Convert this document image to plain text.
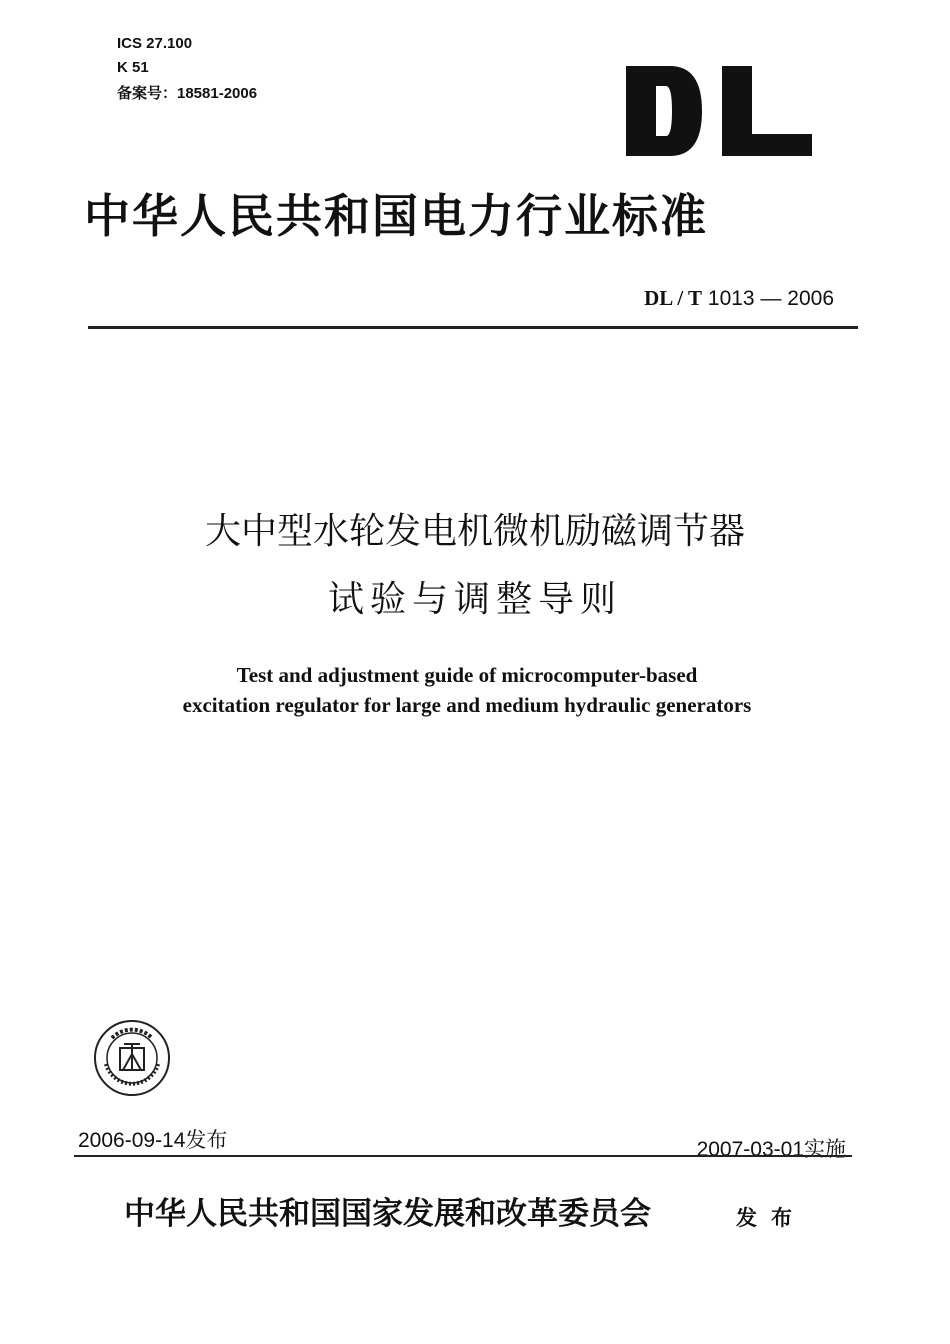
ICS 27.100
K 51
备案号：18581-2006
中华人民共和国电力行业标准
DL / T 1013 — 2006
大中型水轮发电机微机励磁调节器
试验与调整导则
Test and adjustment guide of microcomputer-based
excitation regulator for large and medium hydraulic generators
2006-09-14发布	2007-03-01实施
中华人民共和国国家发展和改革委员会	发布
